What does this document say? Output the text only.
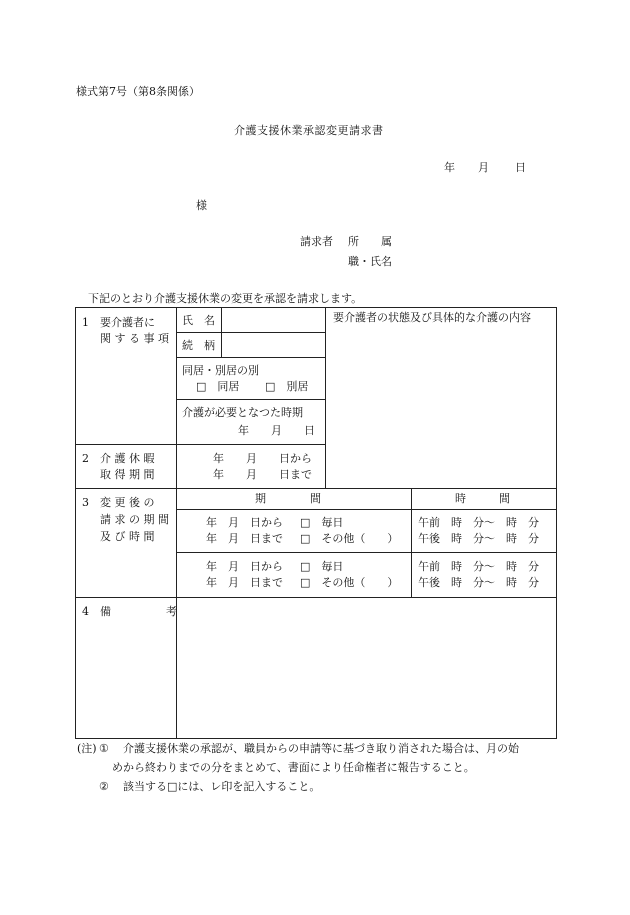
様式第7号（第8条関係）
介護支援休業承認変更請求書
年 月 日
様
請求者 所　　属
職・氏名
下記のとおり介護支援休業の変更を承認を請求します。
1　要介護者に
関 す る 事 項
氏　名
続　柄
同居・別居の別
□　同居 □　別居
介護が必要となつた時期
年　　月　　日
要介護者の状態及び具体的な介護の内容
2　介 護 休 暇
取 得 期 間
年　　月　　日から
年　　月　　日まで
3　変 更 後 の
請 求 の 期 間
及 び 時 間
期　　　　間	時　　　間
年　月　日から □　毎日
年　月　日まで □　その他（　　）
午前　時　分～　時　分
午後　時　分～　時　分
年　月　日から □　毎日
年　月　日まで □　その他（　　）
午前　時　分～　時　分
午後　時　分～　時　分
4　備　　　　　考
(注) ① 介護支援休業の承認が、職員からの申請等に基づき取り消された場合は、月の始
めから終わりまでの分をまとめて、書面により任命権者に報告すること。
② 該当する□には、レ印を記入すること。
